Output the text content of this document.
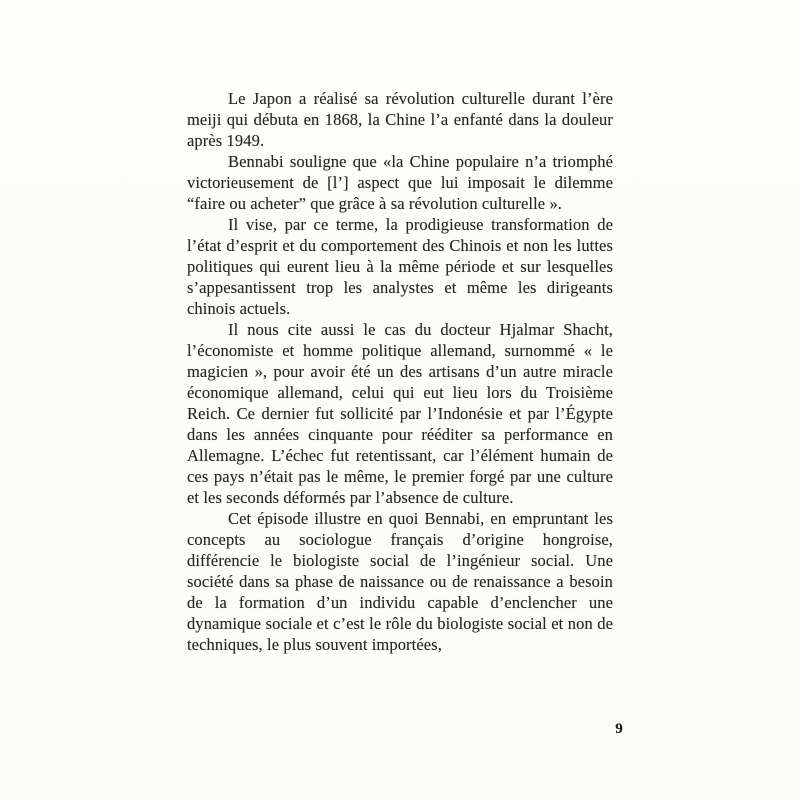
Le Japon a réalisé sa révolution culturelle durant l’ère meiji qui débuta en 1868, la Chine l’a enfanté dans la douleur après 1949.

Bennabi souligne que «la Chine populaire n’a triomphé victorieusement de [l’] aspect que lui imposait le dilemme “faire ou acheter” que grâce à sa révolution culturelle ».

Il vise, par ce terme, la prodigieuse transformation de l’état d’esprit et du comportement des Chinois et non les luttes politiques qui eurent lieu à la même période et sur lesquelles s’appesantissent trop les analystes et même les dirigeants chinois actuels.

Il nous cite aussi le cas du docteur Hjalmar Shacht, l’économiste et homme politique allemand, surnommé « le magicien », pour avoir été un des artisans d’un autre miracle économique allemand, celui qui eut lieu lors du Troisième Reich. Ce dernier fut sollicité par l’Indonésie et par l’Égypte dans les années cinquante pour rééditer sa performance en Allemagne. L’échec fut retentissant, car l’élément humain de ces pays n’était pas le même, le premier forgé par une culture et les seconds déformés par l’absence de culture.

Cet épisode illustre en quoi Bennabi, en empruntant les concepts au sociologue français d’origine hongroise, différencie le biologiste social de l’ingénieur social. Une société dans sa phase de naissance ou de renaissance a besoin de la formation d’un individu capable d’enclencher une dynamique sociale et c’est le rôle du biologiste social et non de techniques, le plus souvent importées,

9
